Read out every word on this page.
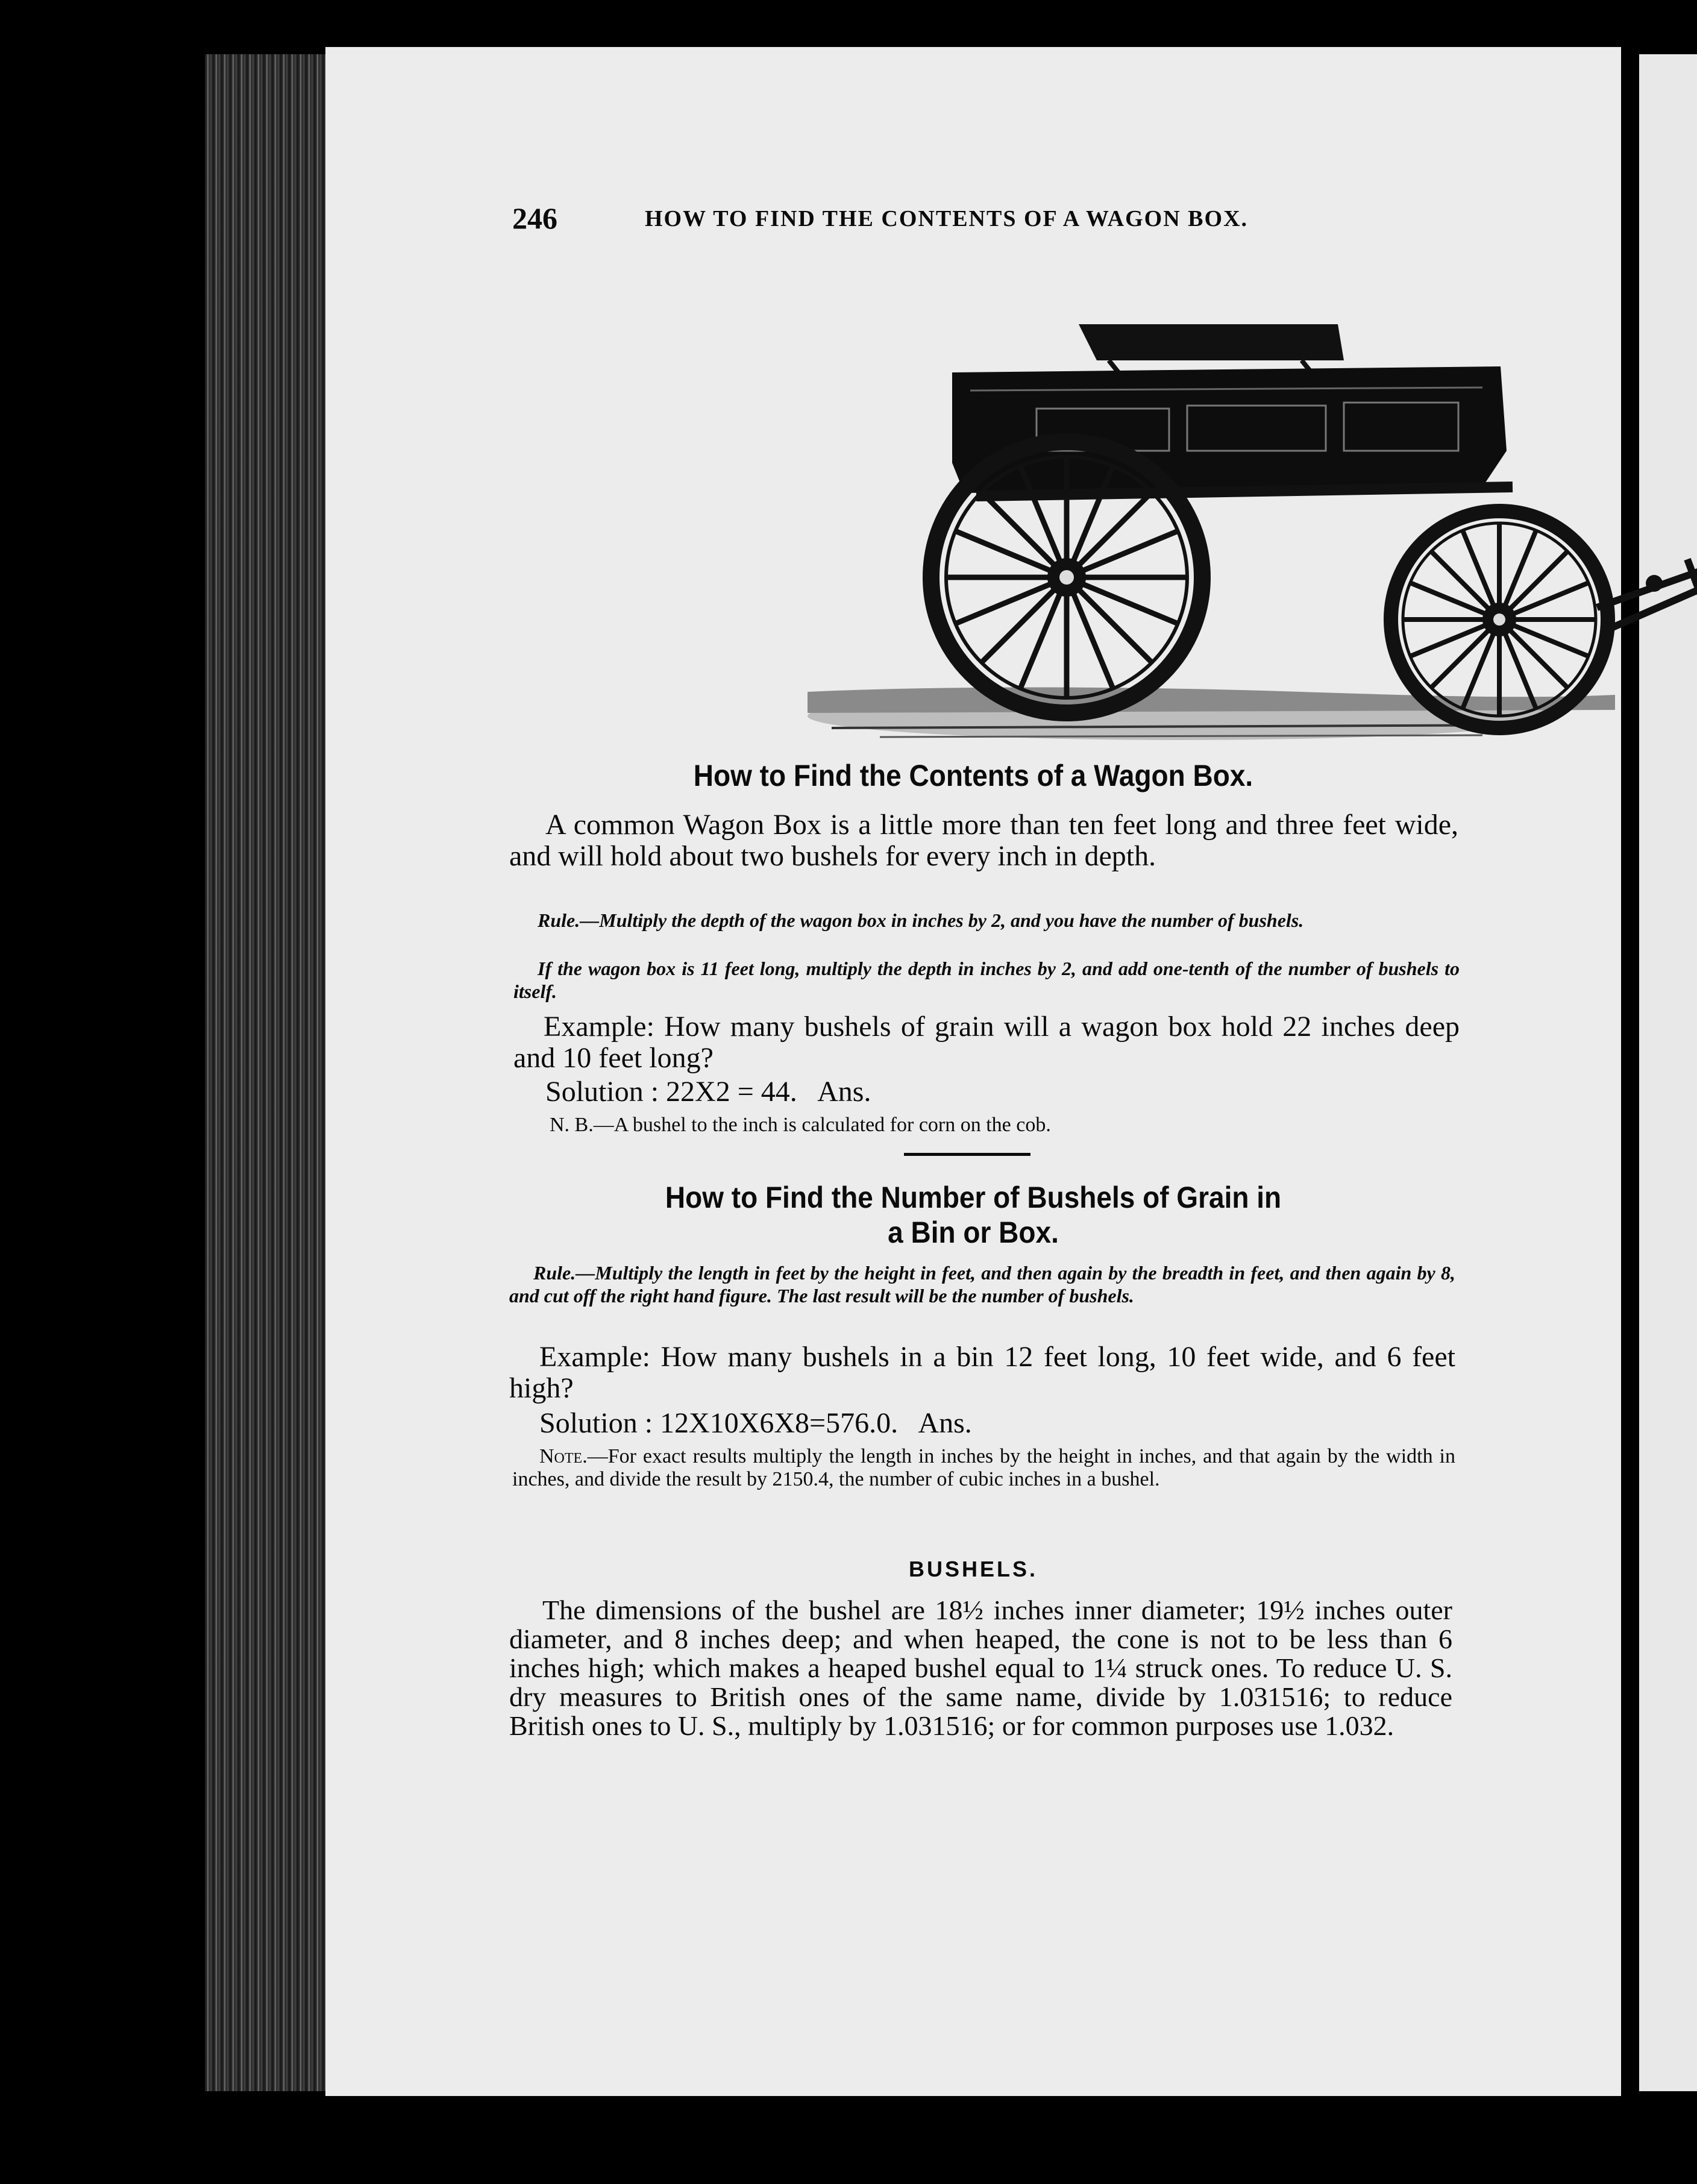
246	HOW TO FIND THE CONTENTS OF A WAGON BOX.
How to Find the Contents of a Wagon Box.
A common Wagon Box is a little more than ten feet long and three feet wide, and will hold about two bushels for every inch in depth.
Rule.—Multiply the depth of the wagon box in inches by 2, and you have the number of bushels.
If the wagon box is 11 feet long, multiply the depth in inches by 2, and add one-tenth of the number of bushels to itself.
Example: How many bushels of grain will a wagon box hold 22 inches deep and 10 feet long?
Solution : 22X2 = 44.   Ans.
N. B.—A bushel to the inch is calculated for corn on the cob.
How to Find the Number of Bushels of Grain in
a Bin or Box.
Rule.—Multiply the length in feet by the height in feet, and then again by the breadth in feet, and then again by 8, and cut off the right hand figure. The last result will be the number of bushels.
Example: How many bushels in a bin 12 feet long, 10 feet wide, and 6 feet high?
Solution : 12X10X6X8=576.0.   Ans.
Note.—For exact results multiply the length in inches by the height in inches, and that again by the width in inches, and divide the result by 2150.4, the number of cubic inches in a bushel.
BUSHELS.
The dimensions of the bushel are 18½ inches inner diameter; 19½ inches outer diameter, and 8 inches deep; and when heaped, the cone is not to be less than 6 inches high; which makes a heaped bushel equal to 1¼ struck ones. To reduce U. S. dry measures to British ones of the same name, divide by 1.031516; to reduce British ones to U. S., multiply by 1.031516; or for common purposes use 1.032.
